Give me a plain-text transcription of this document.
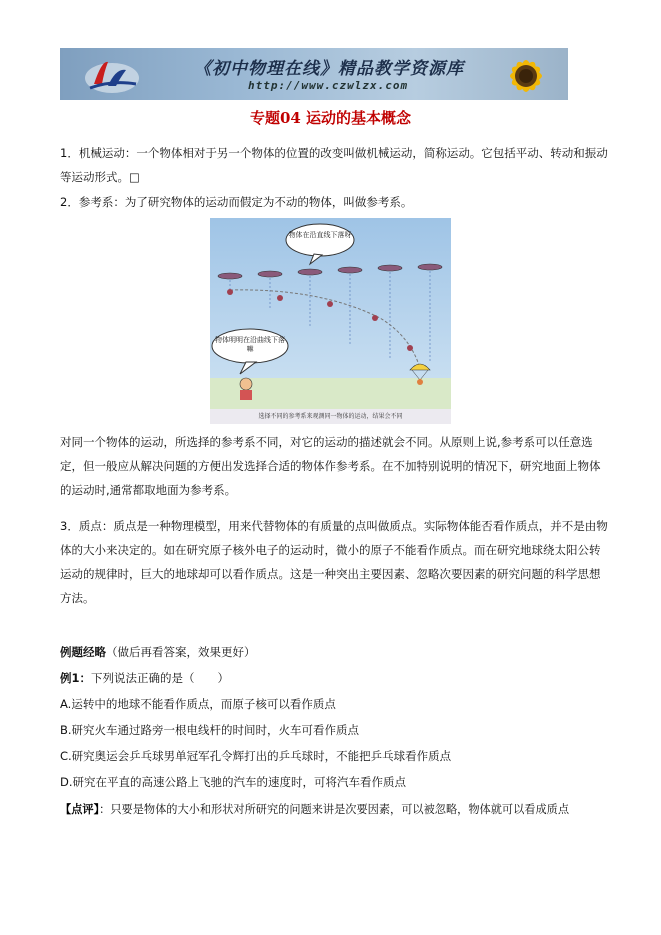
《初中物理在线》精品教学资源库
http://www.czwlzx.com
专题04 运动的基本概念

1．机械运动：一个物体相对于另一个物体的位置的改变叫做机械运动，简称运动。它包括平动、转动和振动等运动形式。□

2．参考系：为了研究物体的运动而假定为不动的物体，叫做参考系。

物体在沿直线下落呀
物体明明在沿曲线下落嘛
选择不同的参考系来观测同一物体的运动，结果会不同

对同一个物体的运动，所选择的参考系不同，对它的运动的描述就会不同。从原则上说,参考系可以任意选定，但一般应从解决问题的方便出发选择合适的物体作参考系。在不加特别说明的情况下，研究地面上物体的运动时,通常都取地面为参考系。

3．质点：质点是一种物理模型，用来代替物体的有质量的点叫做质点。实际物体能否看作质点，并不是由物体的大小来决定的。如在研究原子核外电子的运动时，微小的原子不能看作质点。而在研究地球绕太阳公转运动的规律时，巨大的地球却可以看作质点。这是一种突出主要因素、忽略次要因素的研究问题的科学思想方法。

例题经略（做后再看答案，效果更好）

例1：下列说法正确的是（　　）

A.运转中的地球不能看作质点，而原子核可以看作质点

B.研究火车通过路旁一根电线杆的时间时，火车可看作质点

C.研究奥运会乒乓球男单冠军孔令辉打出的乒乓球时，不能把乒乓球看作质点

D.研究在平直的高速公路上飞驰的汽车的速度时，可将汽车看作质点

【点评】：只要是物体的大小和形状对所研究的问题来讲是次要因素，可以被忽略，物体就可以看成质点
